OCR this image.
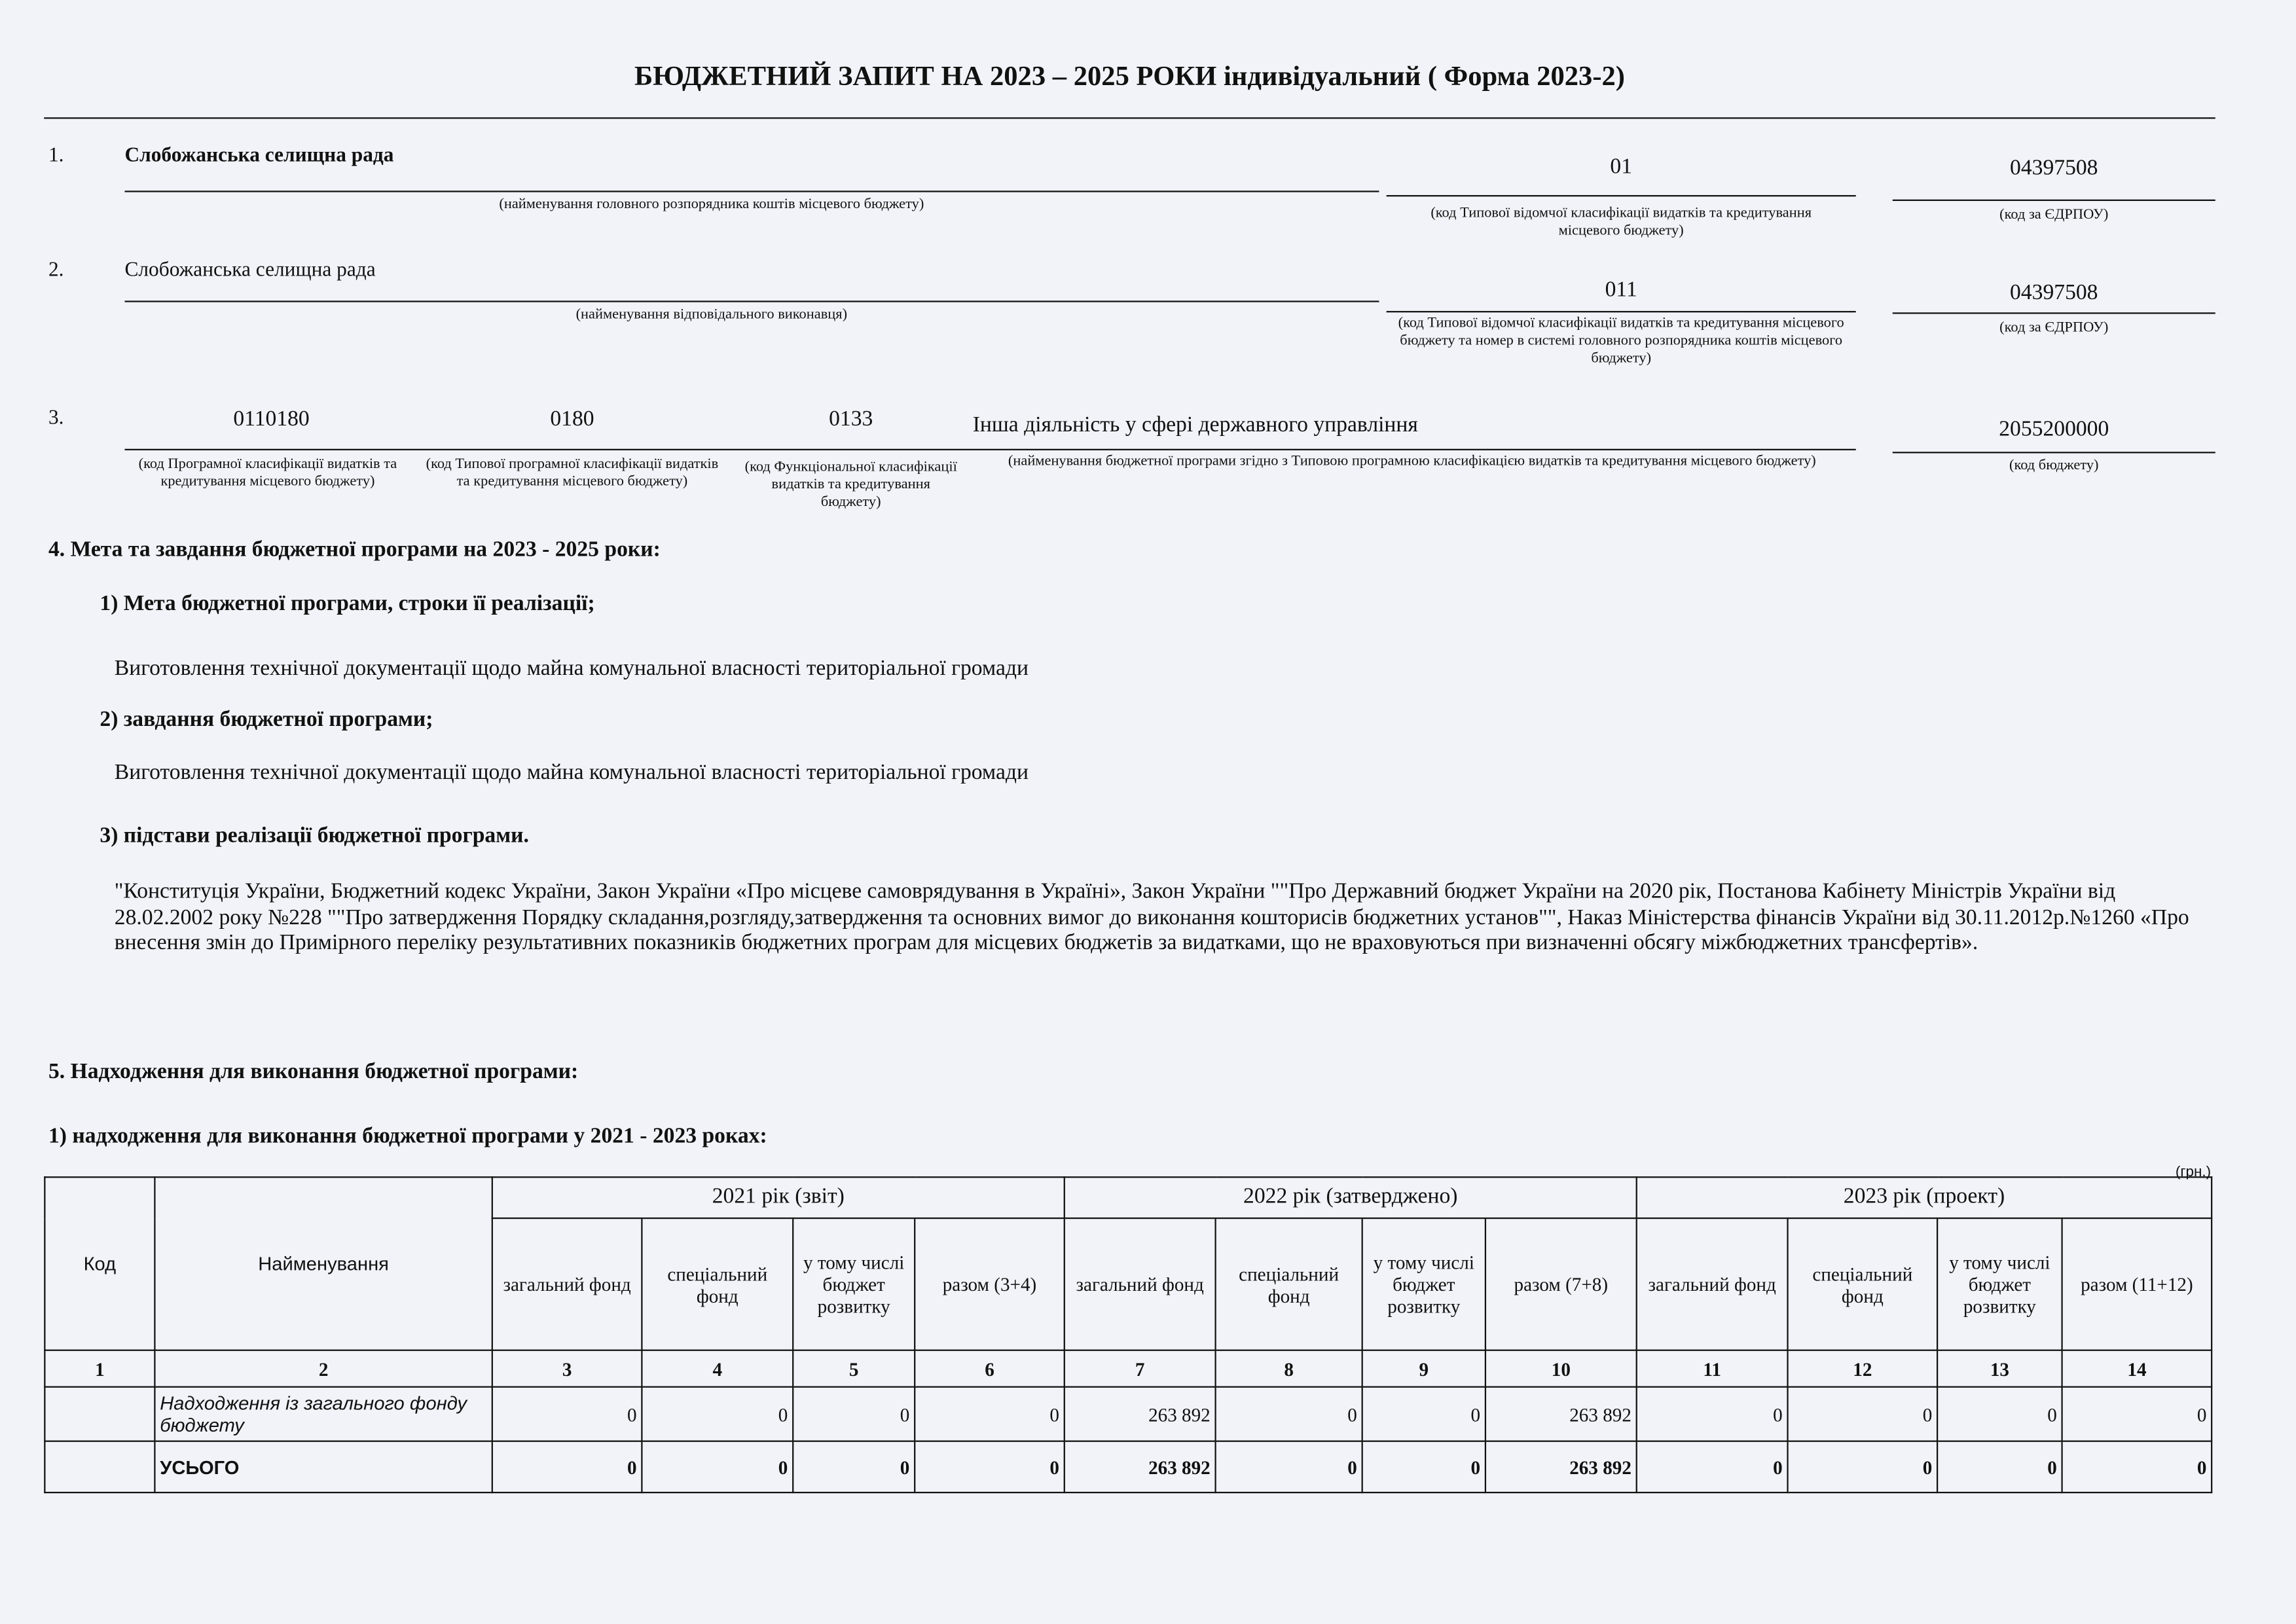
БЮДЖЕТНИЙ ЗАПИТ НА 2023 – 2025 РОКИ індивідуальний ( Форма 2023-2)
1.	Слобожанська селищна рада
(найменування головного розпорядника коштів місцевого бюджету)
01
(код Типової відомчої класифікації видатків та кредитування місцевого бюджету)
04397508
(код за ЄДРПОУ)
2.	Слобожанська селищна рада
(найменування відповідального виконавця)
011
(код Типової відомчої класифікації видатків та кредитування місцевого бюджету та номер в системі головного розпорядника коштів місцевого бюджету)
04397508
(код за ЄДРПОУ)
3.	0110180	0180	0133	Інша діяльність у сфері державного управління
(код Програмної класифікації видатків та кредитування місцевого бюджету)
(код Типової програмної класифікації видатків та кредитування місцевого бюджету)
(код Функціональної класифікації видатків та кредитування бюджету)
(найменування бюджетної програми згідно з Типовою програмною класифікацією видатків та кредитування місцевого бюджету)
2055200000
(код бюджету)
4. Мета та завдання бюджетної програми на 2023 - 2025 роки:
1) Мета бюджетної програми, строки її реалізації;
Виготовлення технічної документації щодо майна комунальної власності територіальної громади
2) завдання бюджетної програми;
Виготовлення технічної документації щодо майна комунальної власності територіальної громади
3) підстави реалізації бюджетної програми.
"Конституція України, Бюджетний кодекс України, Закон України «Про місцеве самоврядування в Україні», Закон України ""Про Державний бюджет України на 2020 рік, Постанова Кабінету Міністрів України від 28.02.2002 року №228 ""Про затвердження Порядку складання,розгляду,затвердження та основних вимог до виконання кошторисів бюджетних установ"", Наказ Міністерства фінансів України від 30.11.2012р.№1260 «Про внесення змін до Примірного переліку результативних показників бюджетних програм для місцевих бюджетів за видатками, що не враховуються при визначенні обсягу міжбюджетних трансфертів».
5. Надходження для виконання бюджетної програми:
1) надходження для виконання бюджетної програми у 2021 - 2023 роках:
(грн.)
Код	Найменування	2021 рік (звіт)				2022 рік (затверджено)				2023 рік (проект)			
		загальний фонд	спеціальний фонд	у тому числі бюджет розвитку	разом (3+4)	загальний фонд	спеціальний фонд	у тому числі бюджет розвитку	разом (7+8)	загальний фонд	спеціальний фонд	у тому числі бюджет розвитку	разом (11+12)
1	2	3	4	5	6	7	8	9	10	11	12	13	14
	Надходження із загального фонду бюджету	0	0	0	0	263 892	0	0	263 892	0	0	0	0
	УСЬОГО	0	0	0	0	263 892	0	0	263 892	0	0	0	0
